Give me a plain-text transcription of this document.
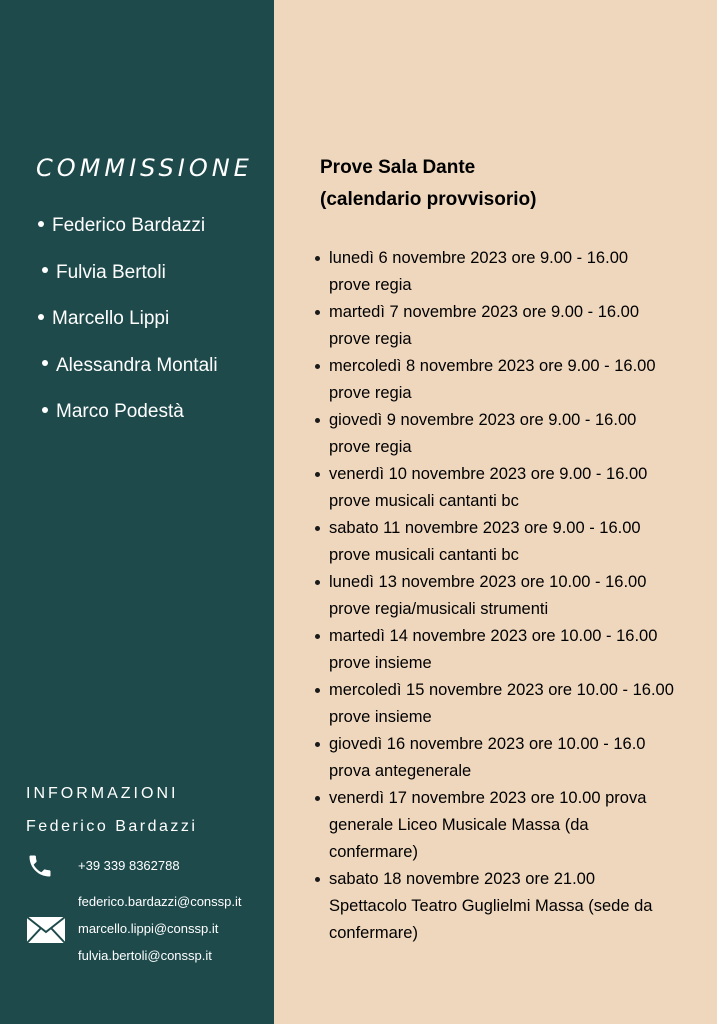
COMMISSIONE
Federico Bardazzi
Fulvia Bertoli
Marcello Lippi
Alessandra Montali
Marco Podestà
INFORMAZIONI
Federico Bardazzi
+39 339 8362788
federico.bardazzi@conssp.it
marcello.lippi@conssp.it
fulvia.bertoli@conssp.it
Prove Sala Dante
(calendario provvisorio)
lunedì 6 novembre 2023 ore 9.00 - 16.00
prove regia
martedì 7 novembre 2023 ore 9.00 - 16.00
prove regia
mercoledì 8 novembre 2023 ore 9.00 - 16.00
prove regia
giovedì 9 novembre 2023 ore 9.00 - 16.00
prove regia
venerdì 10 novembre 2023 ore 9.00 - 16.00
prove musicali cantanti bc
sabato 11 novembre 2023 ore 9.00 - 16.00
prove musicali cantanti bc
lunedì 13 novembre 2023 ore 10.00 - 16.00
prove regia/musicali strumenti
martedì 14 novembre 2023 ore 10.00 - 16.00
prove insieme
mercoledì 15 novembre 2023 ore 10.00 - 16.00
prove insieme
giovedì 16 novembre 2023 ore 10.00 - 16.0
prova antegenerale
venerdì 17 novembre 2023 ore 10.00 prova
generale Liceo Musicale Massa (da
confermare)
sabato 18 novembre 2023 ore 21.00
Spettacolo Teatro Guglielmi Massa (sede da
confermare)
